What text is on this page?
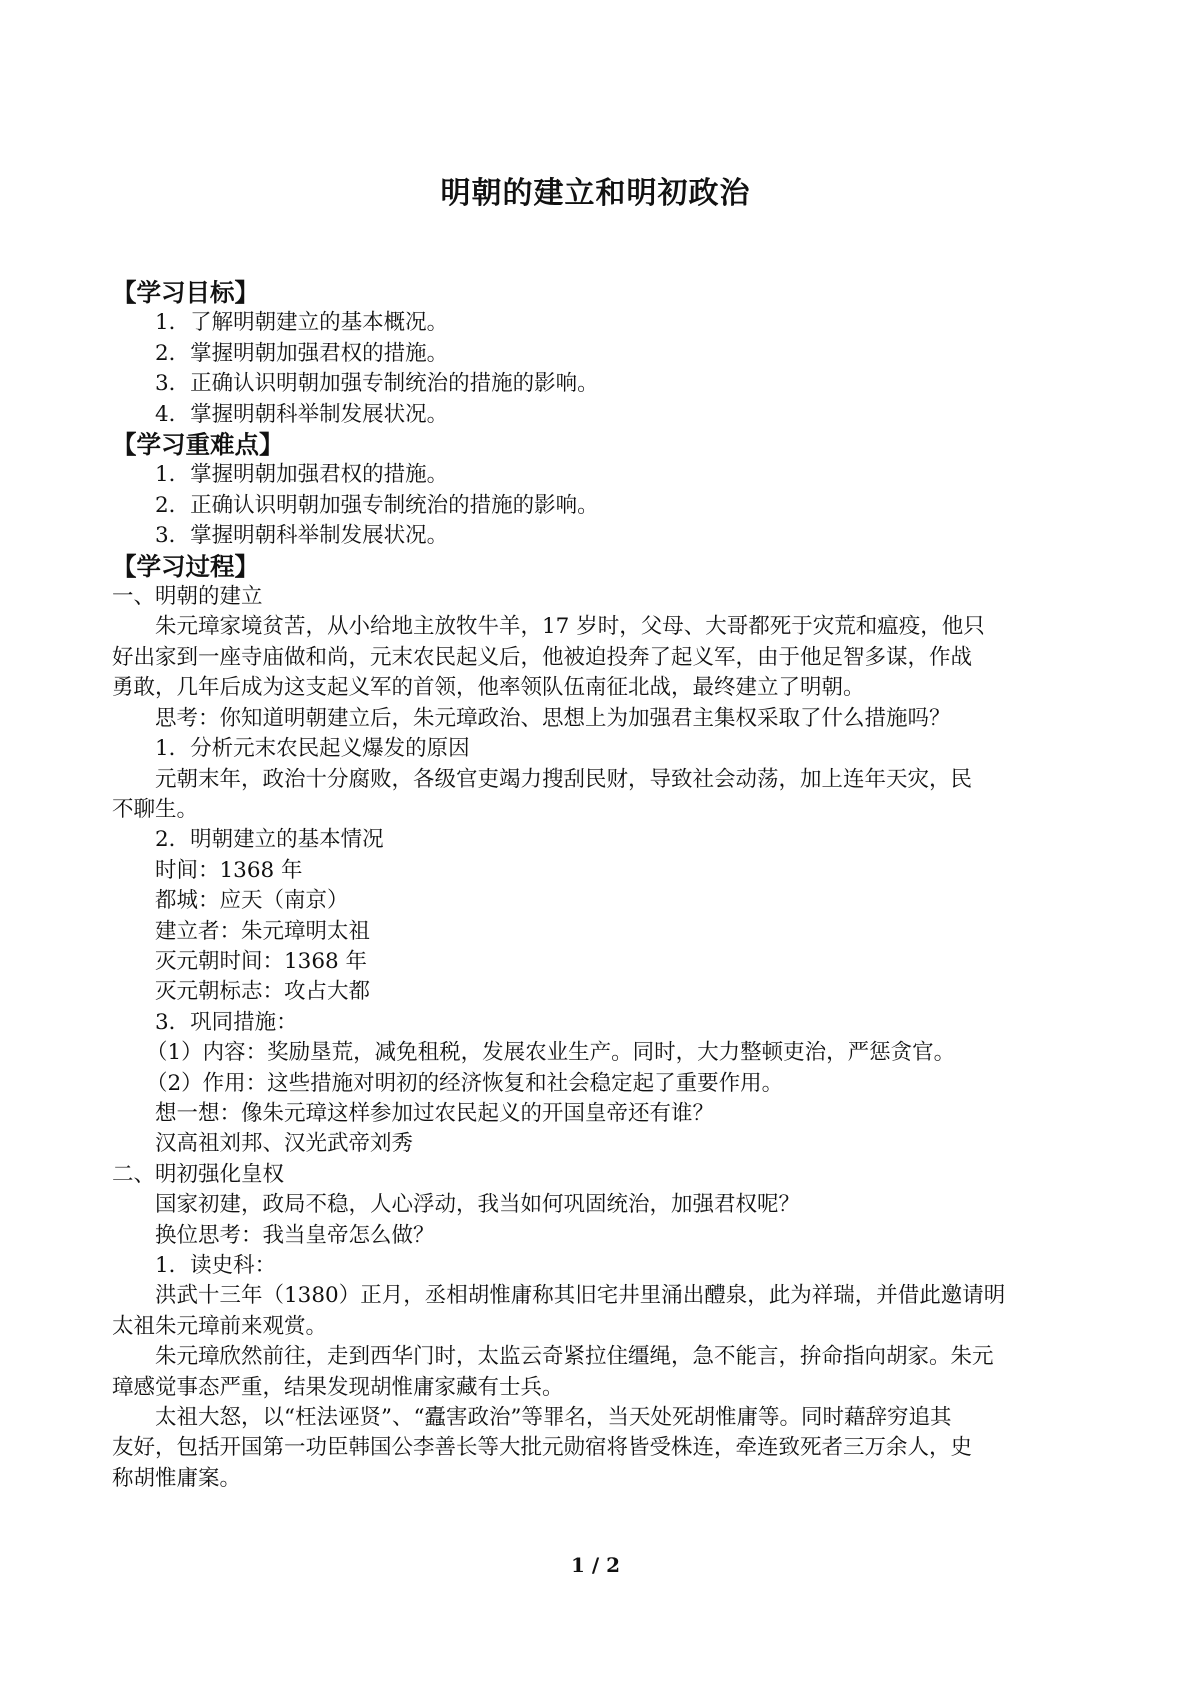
明朝的建立和明初政治

【学习目标】

1．了解明朝建立的基本概况。

2．掌握明朝加强君权的措施。

3．正确认识明朝加强专制统治的措施的影响。

4．掌握明朝科举制发展状况。

【学习重难点】

1．掌握明朝加强君权的措施。

2．正确认识明朝加强专制统治的措施的影响。

3．掌握明朝科举制发展状况。

【学习过程】

一、明朝的建立

朱元璋家境贫苦，从小给地主放牧牛羊，17 岁时，父母、大哥都死于灾荒和瘟疫，他只

好出家到一座寺庙做和尚，元末农民起义后，他被迫投奔了起义军，由于他足智多谋，作战

勇敢，几年后成为这支起义军的首领，他率领队伍南征北战，最终建立了明朝。

思考：你知道明朝建立后，朱元璋政治、思想上为加强君主集权采取了什么措施吗？

1．分析元末农民起义爆发的原因

元朝末年，政治十分腐败，各级官吏竭力搜刮民财，导致社会动荡，加上连年天灾，民

不聊生。

2．明朝建立的基本情况

时间：1368 年

都城：应天（南京）

建立者：朱元璋明太祖

灭元朝时间：1368 年

灭元朝标志：攻占大都

3．巩同措施：

（1）内容：奖励垦荒，减免租税，发展农业生产。同时，大力整顿吏治，严惩贪官。

（2）作用：这些措施对明初的经济恢复和社会稳定起了重要作用。

想一想：像朱元璋这样参加过农民起义的开国皇帝还有谁？

汉高祖刘邦、汉光武帝刘秀

二、明初强化皇权

国家初建，政局不稳，人心浮动，我当如何巩固统治，加强君权呢？

换位思考：我当皇帝怎么做？

1．读史科：

洪武十三年（1380）正月，丞相胡惟庸称其旧宅井里涌出醴泉，此为祥瑞，并借此邀请明

太祖朱元璋前来观赏。

朱元璋欣然前往，走到西华门时，太监云奇紧拉住缰绳，急不能言，拚命指向胡家。朱元

璋感觉事态严重，结果发现胡惟庸家藏有士兵。

太祖大怒，以“枉法诬贤”、“蠹害政治”等罪名，当天处死胡惟庸等。同时藉辞穷追其

友好，包括开国第一功臣韩国公李善长等大批元勋宿将皆受株连，牵连致死者三万余人，史

称胡惟庸案。

1 / 2
